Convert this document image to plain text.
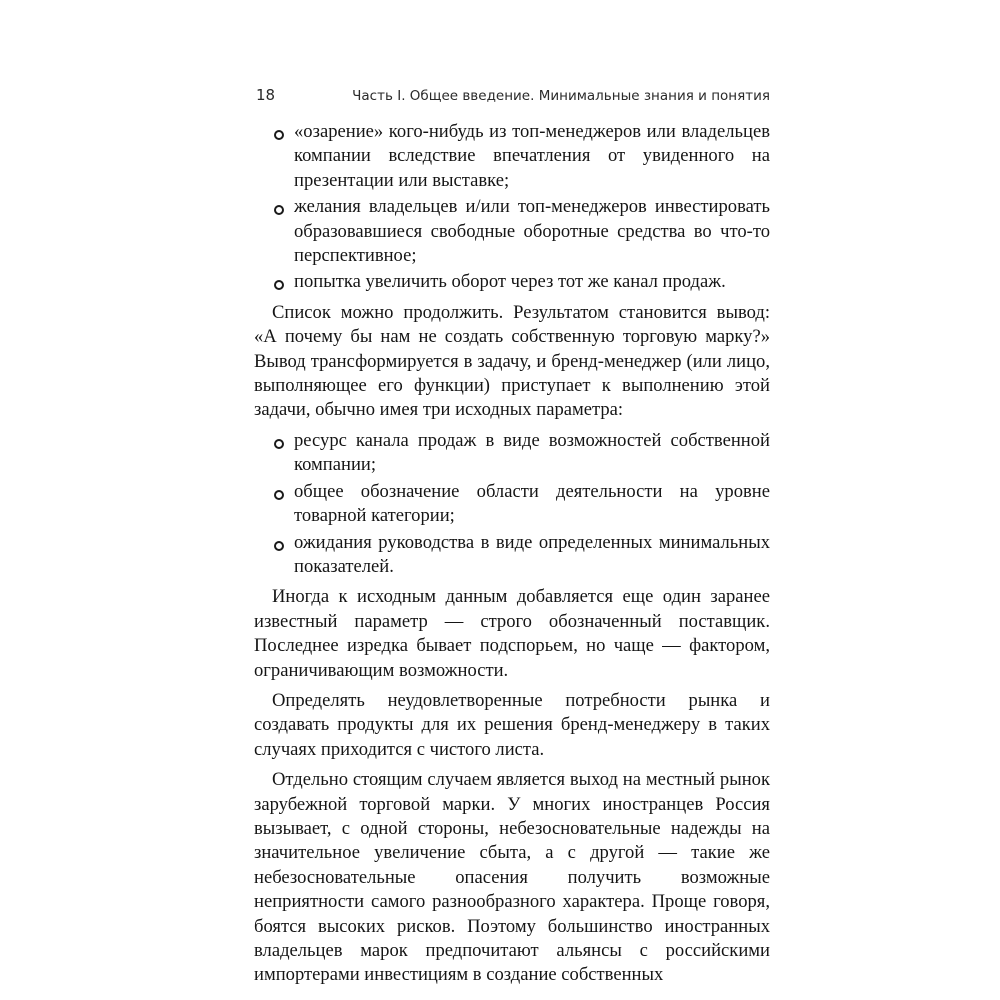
18	Часть I. Общее введение. Минимальные знания и понятия
«озарение» кого-нибудь из топ-менеджеров или владельцев компании вследствие впечатления от увиденного на презентации или выставке;
желания владельцев и/или топ-менеджеров инвестировать образовавшиеся свободные оборотные средства во что-то перспективное;
попытка увеличить оборот через тот же канал продаж.

Список можно продолжить. Результатом становится вывод: «А почему бы нам не создать собственную торговую марку?» Вывод трансформируется в задачу, и бренд-менеджер (или лицо, выполняющее его функции) приступает к выполнению этой задачи, обычно имея три исходных параметра:

ресурс канала продаж в виде возможностей собственной компании;
общее обозначение области деятельности на уровне товарной категории;
ожидания руководства в виде определенных минимальных показателей.

Иногда к исходным данным добавляется еще один заранее известный параметр — строго обозначенный поставщик. Последнее изредка бывает подспорьем, но чаще — фактором, ограничивающим возможности.

Определять неудовлетворенные потребности рынка и создавать продукты для их решения бренд-менеджеру в таких случаях приходится с чистого листа.

Отдельно стоящим случаем является выход на местный рынок зарубежной торговой марки. У многих иностранцев Россия вызывает, с одной стороны, небезосновательные надежды на значительное увеличение сбыта, а с другой — такие же небезосновательные опасения получить возможные неприятности самого разнообразного характера. Проще говоря, боятся высоких рисков. Поэтому большинство иностранных владельцев марок предпочитают альянсы с российскими импортерами инвестициям в создание собственных
